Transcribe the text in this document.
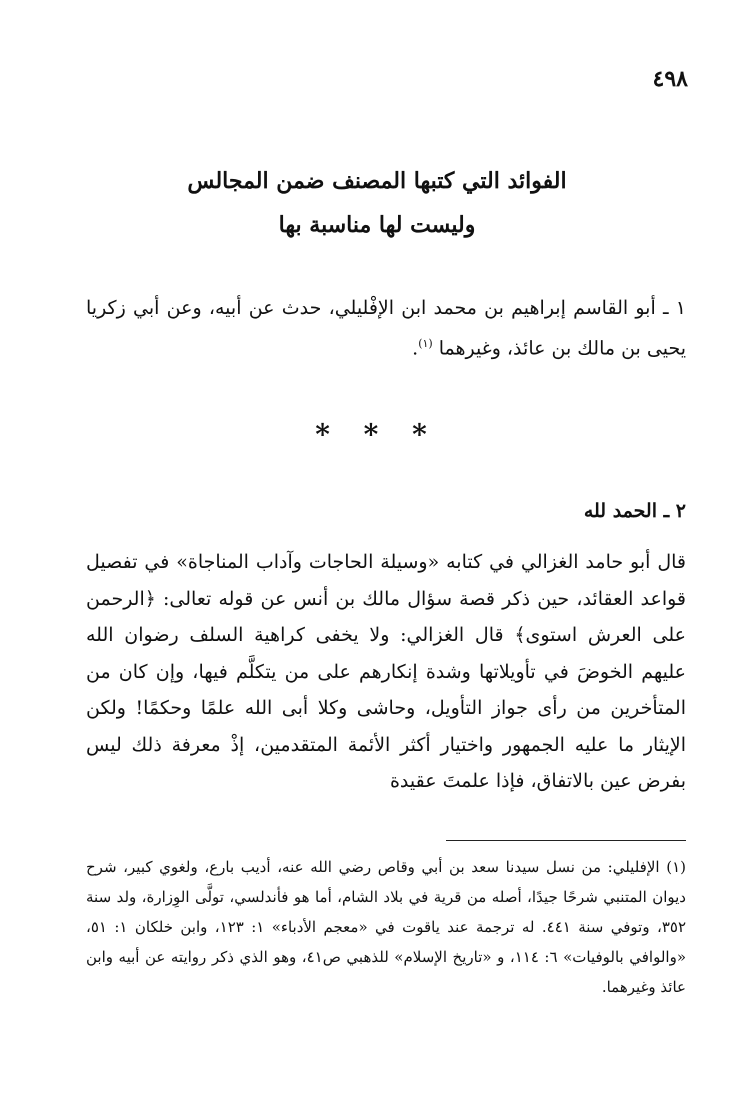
٤٩٨
الفوائد التي كتبها المصنف ضمن المجالس
وليست لها مناسبة بها

١ ـ أبو القاسم إبراهيم بن محمد ابن الإفْليلي، حدث عن أبيه، وعن أبي زكريا يحيى بن مالك بن عائذ، وغيرهما $^{(١)}$.

* * *
٢ ـ الحمد لله

قال أبو حامد الغزالي في كتابه «وسيلة الحاجات وآداب المناجاة» في تفصيل قواعد العقائد، حين ذكر قصة سؤال مالك بن أنس عن قوله تعالى: ﴿الرحمن على العرش استوى﴾ قال الغزالي: ولا يخفى كراهية السلف رضوان الله عليهم الخوضَ في تأويلاتها وشدة إنكارهم على من يتكلَّم فيها، وإن كان من المتأخرين من رأى جواز التأويل، وحاشى وكلا أبى الله علمًا وحكمًا! ولكن الإيثار ما عليه الجمهور واختيار أكثر الأئمة المتقدمين، إذْ معرفة ذلك ليس بفرض عين بالاتفاق، فإذا علمتَ عقيدة

(١) الإفليلي: من نسل سيدنا سعد بن أبي وقاص رضي الله عنه، أديب بارع، ولغوي كبير، شرح ديوان المتنبي شرحًا جيدًا، أصله من قرية في بلاد الشام، أما هو فأندلسي، تولَّى الوِزارة، ولد سنة ٣٥٢، وتوفي سنة ٤٤١. له ترجمة عند ياقوت في «معجم الأدباء» ١: ١٢٣، وابن خلكان ١: ٥١، «والوافي بالوفيات» ٦: ١١٤، و «تاريخ الإسلام» للذهبي ص٤١، وهو الذي ذكر روايته عن أبيه وابن عائذ وغيرهما.
